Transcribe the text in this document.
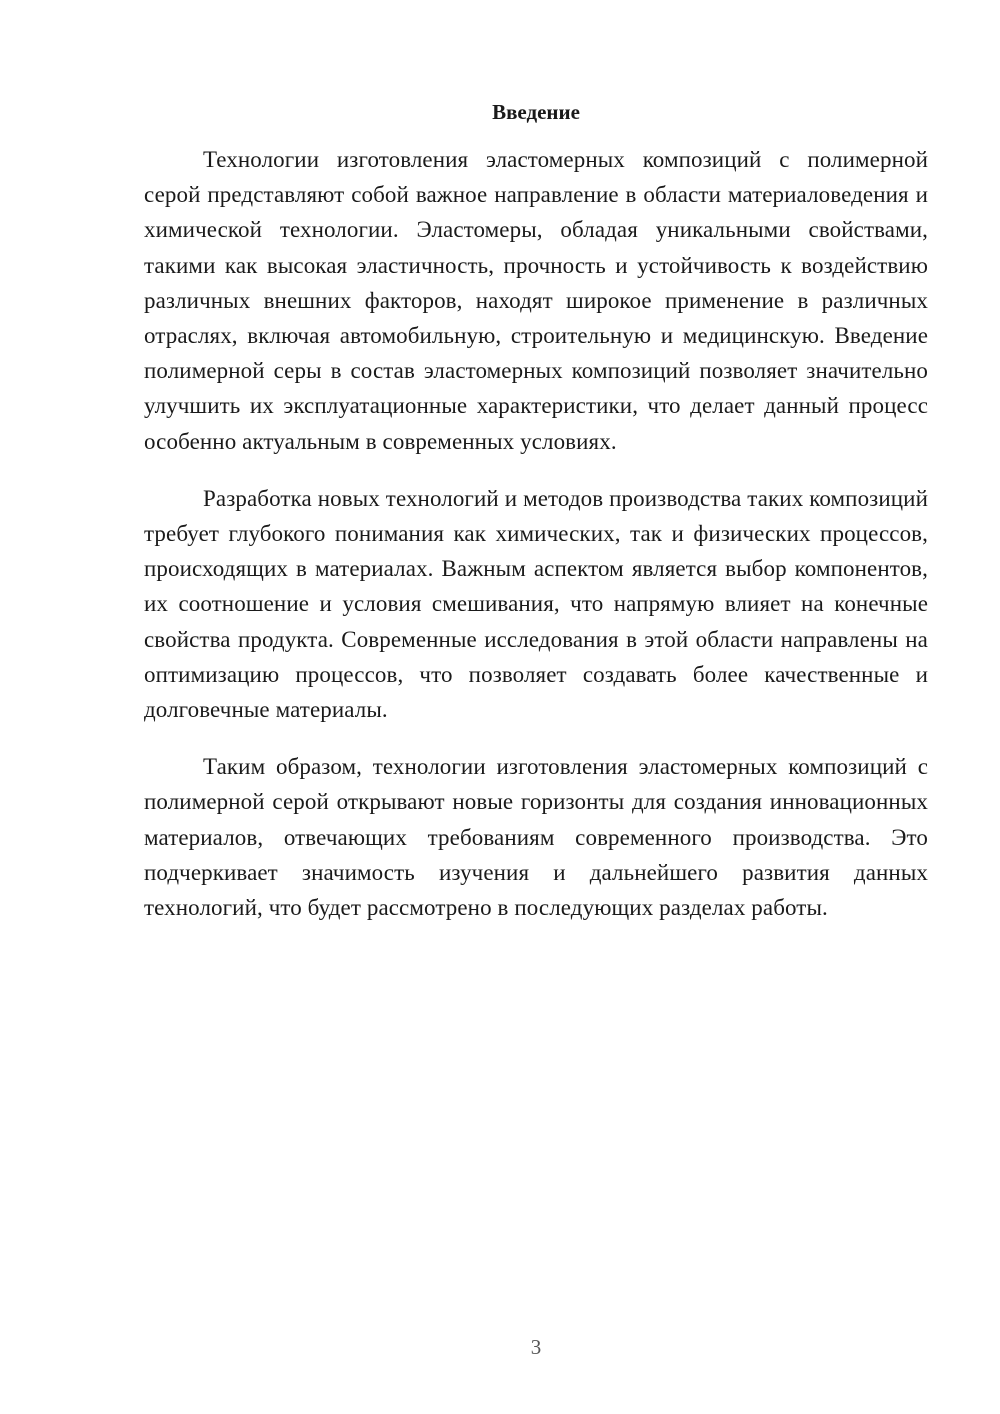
Введение

Технологии изготовления эластомерных композиций с полимерной серой представляют собой важное направление в области материаловедения и химической технологии. Эластомеры, обладая уникальными свойствами, такими как высокая эластичность, прочность и устойчивость к воздействию различных внешних факторов, находят широкое применение в различных отраслях, включая автомобильную, строительную и медицинскую. Введение полимерной серы в состав эластомерных композиций позволяет значительно улучшить их эксплуатационные характеристики, что делает данный процесс особенно актуальным в современных условиях.

Разработка новых технологий и методов производства таких композиций требует глубокого понимания как химических, так и физических процессов, происходящих в материалах. Важным аспектом является выбор компонентов, их соотношение и условия смешивания, что напрямую влияет на конечные свойства продукта. Современные исследования в этой области направлены на оптимизацию процессов, что позволяет создавать более качественные и долговечные материалы.

Таким образом, технологии изготовления эластомерных композиций с полимерной серой открывают новые горизонты для создания инновационных материалов, отвечающих требованиям современного производства. Это подчеркивает значимость изучения и дальнейшего развития данных технологий, что будет рассмотрено в последующих разделах работы.

3
